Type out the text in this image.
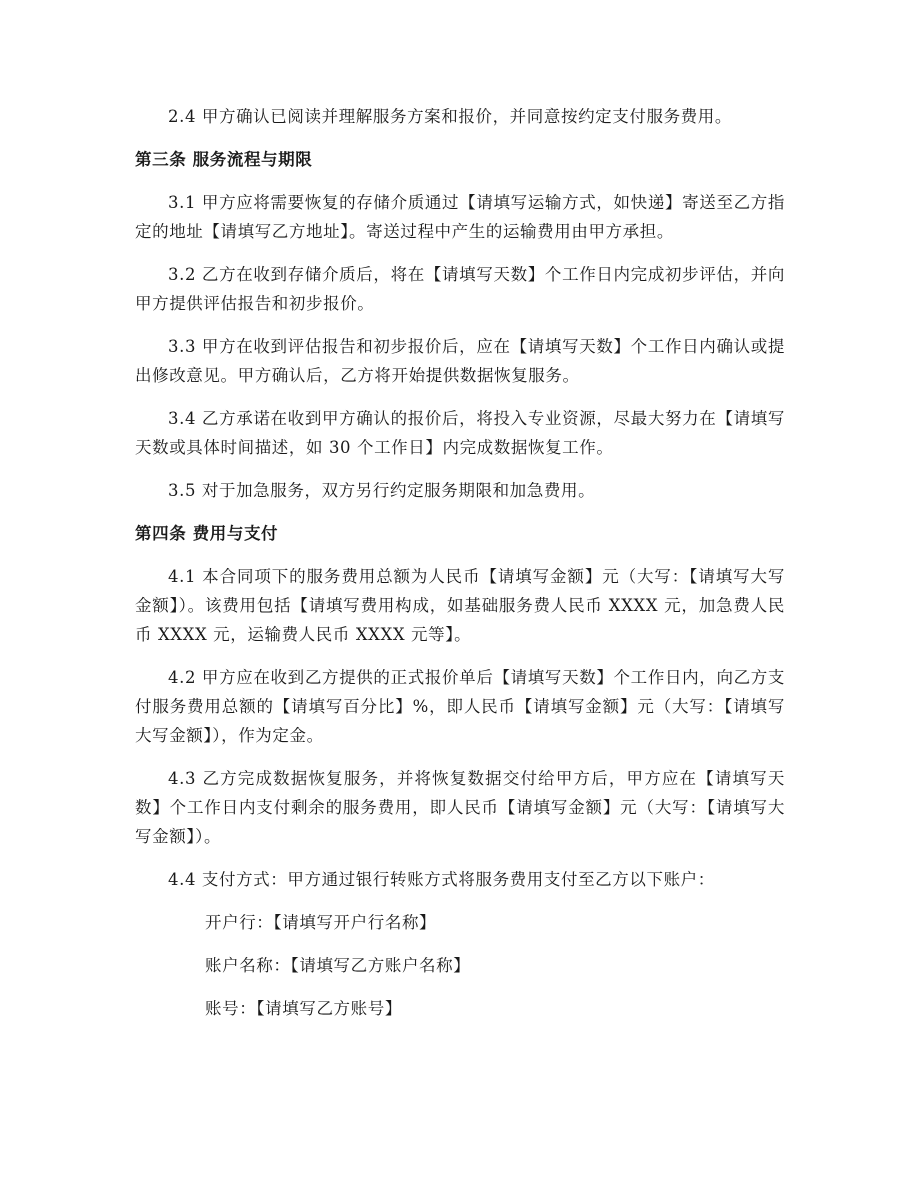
2.4 甲方确认已阅读并理解服务方案和报价，并同意按约定支付服务费用。

第三条 服务流程与期限

3.1 甲方应将需要恢复的存储介质通过【请填写运输方式，如快递】寄送至乙方指定的地址【请填写乙方地址】。寄送过程中产生的运输费用由甲方承担。

3.2 乙方在收到存储介质后，将在【请填写天数】个工作日内完成初步评估，并向甲方提供评估报告和初步报价。

3.3 甲方在收到评估报告和初步报价后，应在【请填写天数】个工作日内确认或提出修改意见。甲方确认后，乙方将开始提供数据恢复服务。

3.4 乙方承诺在收到甲方确认的报价后，将投入专业资源，尽最大努力在【请填写天数或具体时间描述，如 30 个工作日】内完成数据恢复工作。

3.5 对于加急服务，双方另行约定服务期限和加急费用。

第四条 费用与支付

4.1 本合同项下的服务费用总额为人民币【请填写金额】元（大写：【请填写大写金额】）。该费用包括【请填写费用构成，如基础服务费人民币 XXXX 元，加急费人民币 XXXX 元，运输费人民币 XXXX 元等】。

4.2 甲方应在收到乙方提供的正式报价单后【请填写天数】个工作日内，向乙方支付服务费用总额的【请填写百分比】%，即人民币【请填写金额】元（大写：【请填写大写金额】），作为定金。

4.3 乙方完成数据恢复服务，并将恢复数据交付给甲方后，甲方应在【请填写天数】个工作日内支付剩余的服务费用，即人民币【请填写金额】元（大写：【请填写大写金额】）。

4.4 支付方式：甲方通过银行转账方式将服务费用支付至乙方以下账户：

开户行：【请填写开户行名称】
账户名称：【请填写乙方账户名称】
账号：【请填写乙方账号】
